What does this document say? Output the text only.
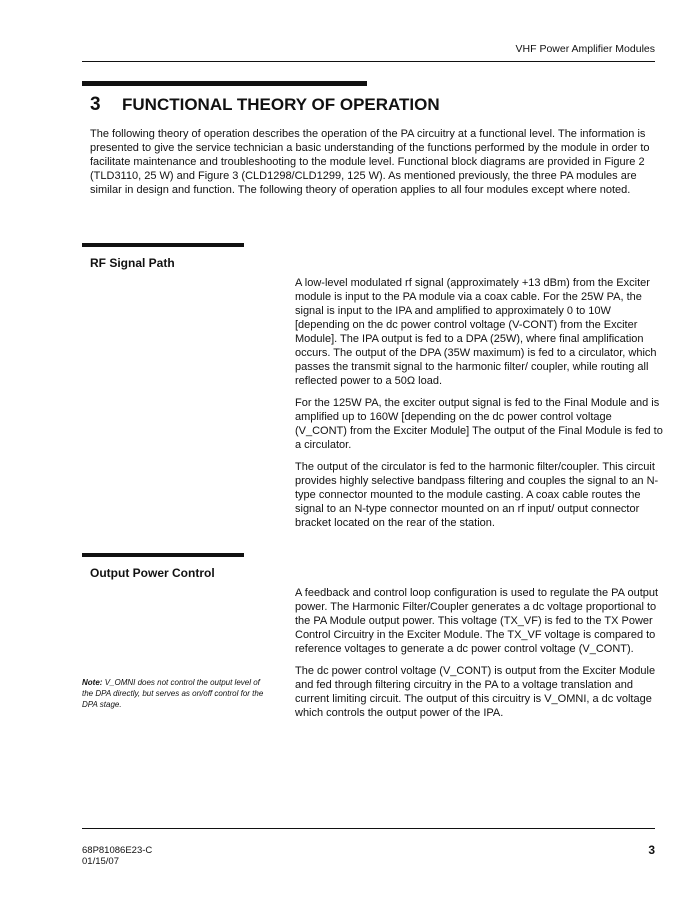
VHF Power Amplifier Modules
3 FUNCTIONAL THEORY OF OPERATION

The following theory of operation describes the operation of the PA circuitry at a functional level. The information is presented to give the service technician a basic understanding of the functions performed by the module in order to facilitate maintenance and troubleshooting to the module level. Functional block diagrams are provided in Figure 2 (TLD3110, 25 W) and Figure 3 (CLD1298/CLD1299, 125 W). As mentioned previously, the three PA modules are similar in design and function. The following theory of operation applies to all four modules except where noted.

RF Signal Path

A low-level modulated rf signal (approximately +13 dBm) from the Exciter module is input to the PA module via a coax cable. For the 25W PA, the signal is input to the IPA and amplified to approximately 0 to 10W [depending on the dc power control voltage (V-CONT) from the Exciter Module]. The IPA output is fed to a DPA (25W), where final amplification occurs. The output of the DPA (35W maximum) is fed to a circulator, which passes the transmit signal to the harmonic filter/ coupler, while routing all reflected power to a 50Ω load.

For the 125W PA, the exciter output signal is fed to the Final Module and is amplified up to 160W [depending on the dc power control voltage (V_CONT) from the Exciter Module] The output of the Final Module is fed to a circulator.

The output of the circulator is fed to the harmonic filter/coupler. This circuit provides highly selective bandpass filtering and couples the signal to an N-type connector mounted to the module casting. A coax cable routes the signal to an N-type connector mounted on an rf input/ output connector bracket located on the rear of the station.

Output Power Control

A feedback and control loop configuration is used to regulate the PA output power. The Harmonic Filter/Coupler generates a dc voltage proportional to the PA Module output power. This voltage (TX_VF) is fed to the TX Power Control Circuitry in the Exciter Module. The TX_VF voltage is compared to reference voltages to generate a dc power control voltage (V_CONT).

The dc power control voltage (V_CONT) is output from the Exciter Module and fed through filtering circuitry in the PA to a voltage translation and current limiting circuit. The output of this circuitry is V_OMNI, a dc voltage which controls the output power of the IPA.

Note: V_OMNI does not control the output level of the DPA directly, but serves as on/off control for the DPA stage.

68P81086E23-C
01/15/07
3
